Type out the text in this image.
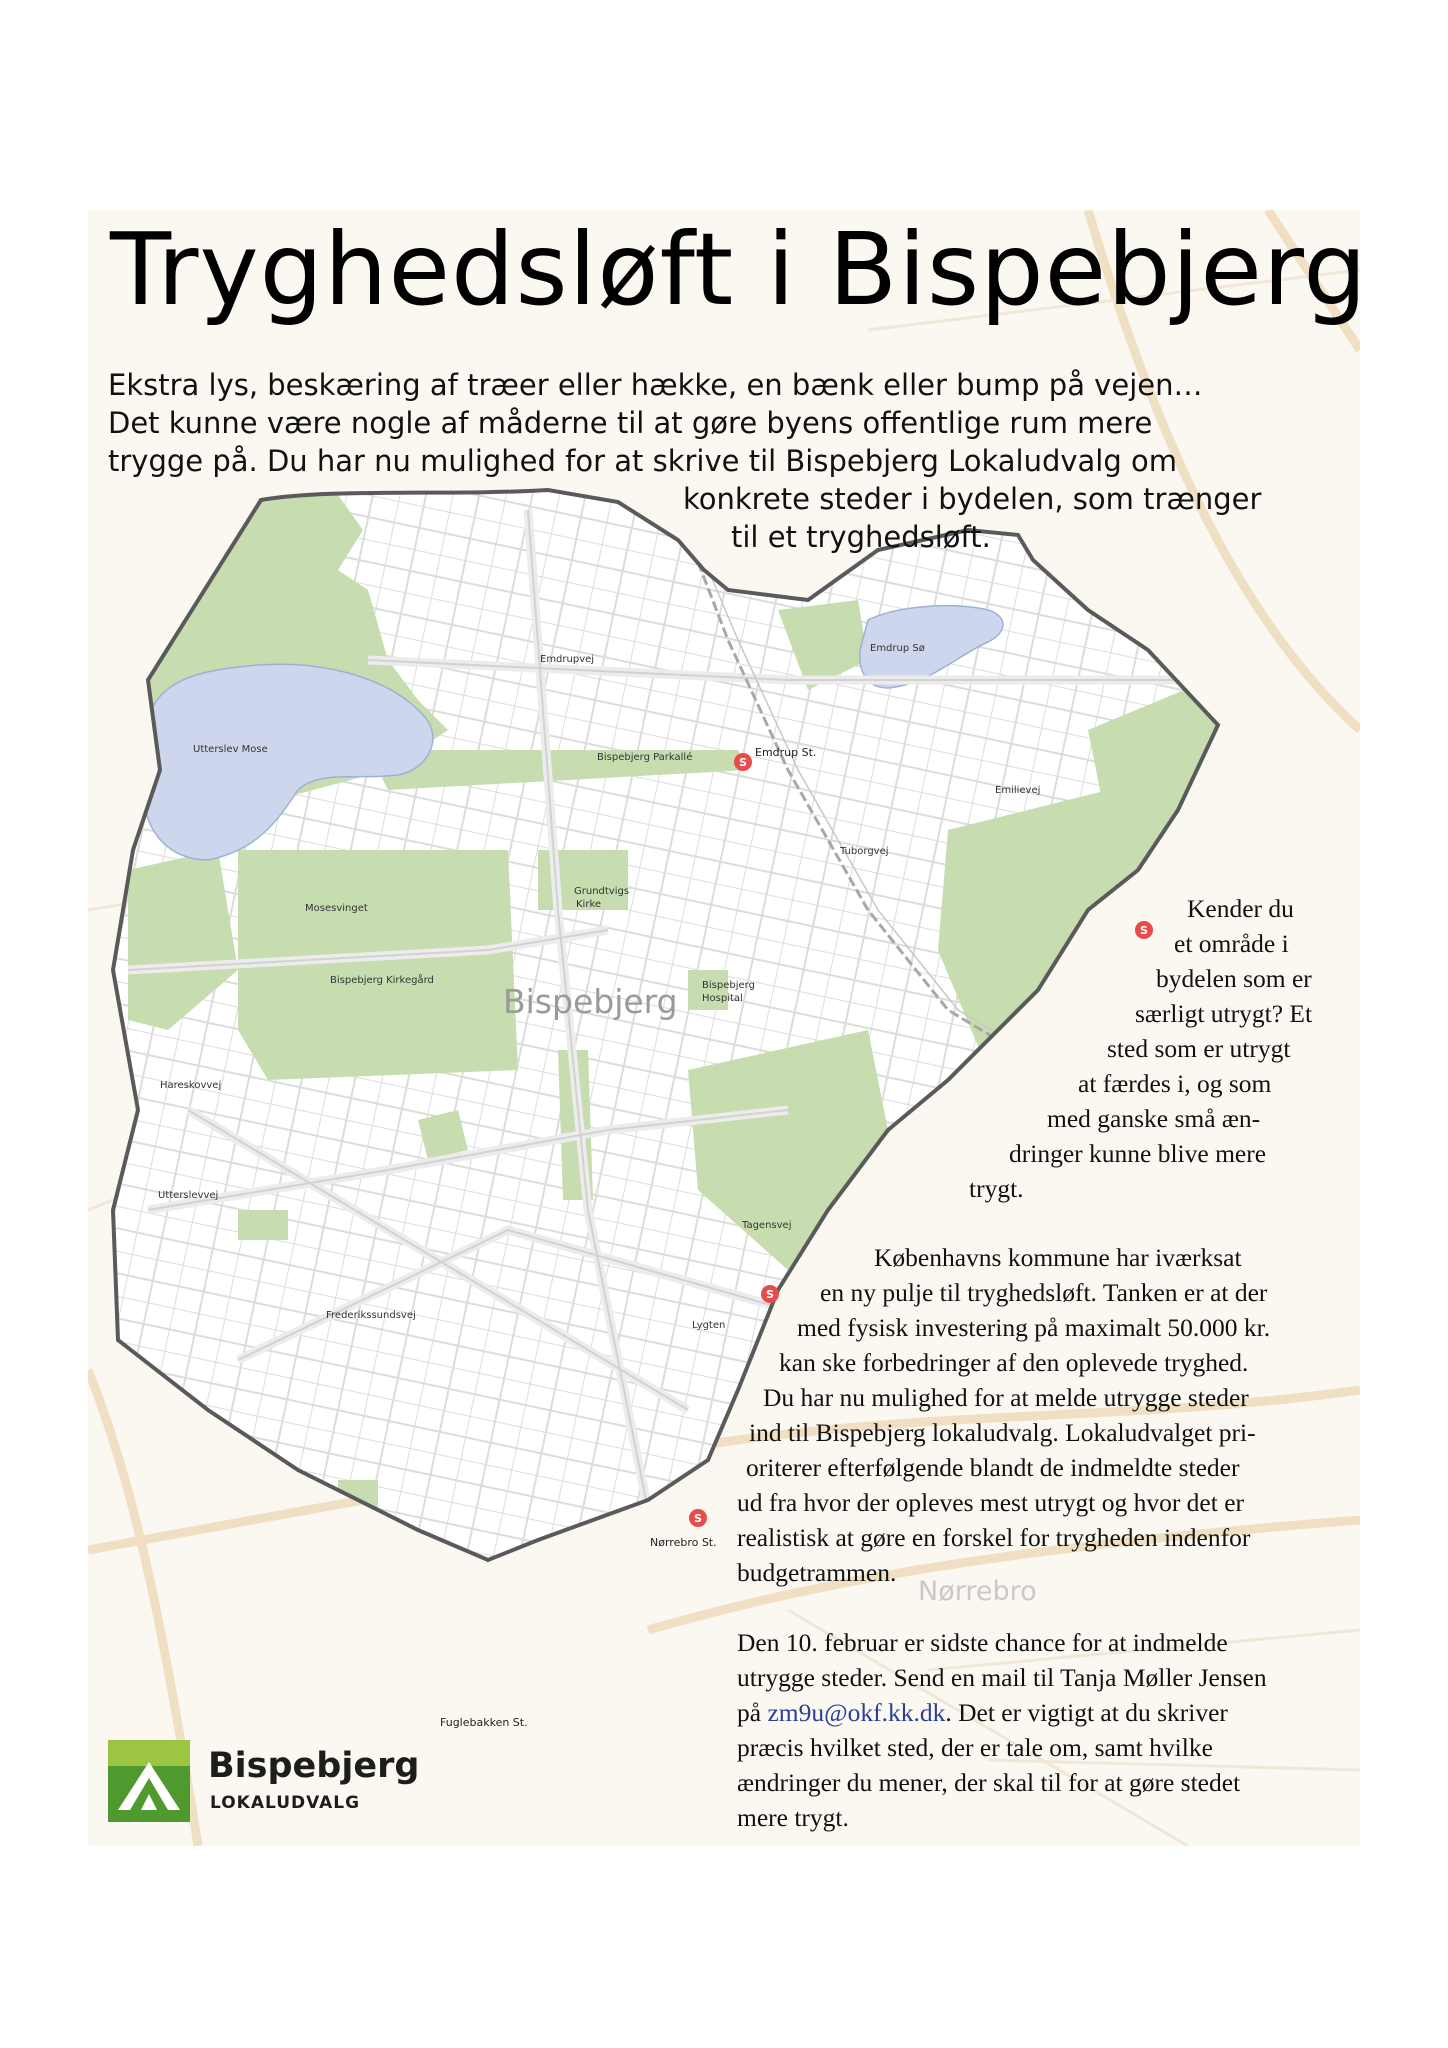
S
S
S
S
Utterslev Mose
Emdrup Sø
Grundtvigs
Kirke
Bispebjerg Kirkegård	Bispebjerg
Hospital
Bispebjerg
Nørrebro
Emdrup St.
Nørrebro St.
Fuglebakken St.
Emdrupvej
Emilievej
Bispebjerg Parkallé
Mosesvinget
Frederikssundsvej
Tagensvej
Lygten
Tuborgvej
Hareskovvej
Utterslevvej
Tryghedsløft i Bispebjerg
Ekstra lys, beskæring af træer eller hække, en bænk eller bump på vejen…
Det kunne være nogle af måderne til at gøre byens offentlige rum mere
trygge på. Du har nu mulighed for at skrive til Bispebjerg Lokaludvalg om
konkrete steder i bydelen, som trænger
til et tryghedsløft.
Kender du
et område i
bydelen som er
særligt utrygt? Et
sted som er utrygt
at færdes i, og som
med ganske små æn-
dringer kunne blive mere
trygt.
Københavns kommune har iværksat
en ny pulje til tryghedsløft. Tanken er at der
med fysisk investering på maximalt 50.000 kr.
kan ske forbedringer af den oplevede tryghed.
Du har nu mulighed for at melde utrygge steder
ind til Bispebjerg lokaludvalg. Lokaludvalget pri-
oriterer efterfølgende blandt de indmeldte steder
ud fra hvor der opleves mest utrygt og hvor det er
realistisk at gøre en forskel for trygheden indenfor
budgetrammen.
Den 10. februar er sidste chance for at indmelde
utrygge steder. Send en mail til Tanja Møller Jensen
på zm9u@okf.kk.dk. Det er vigtigt at du skriver
præcis hvilket sted, der er tale om, samt hvilke
ændringer du mener, der skal til for at gøre stedet
mere trygt.
Bispebjerg
LOKALUDVALG
